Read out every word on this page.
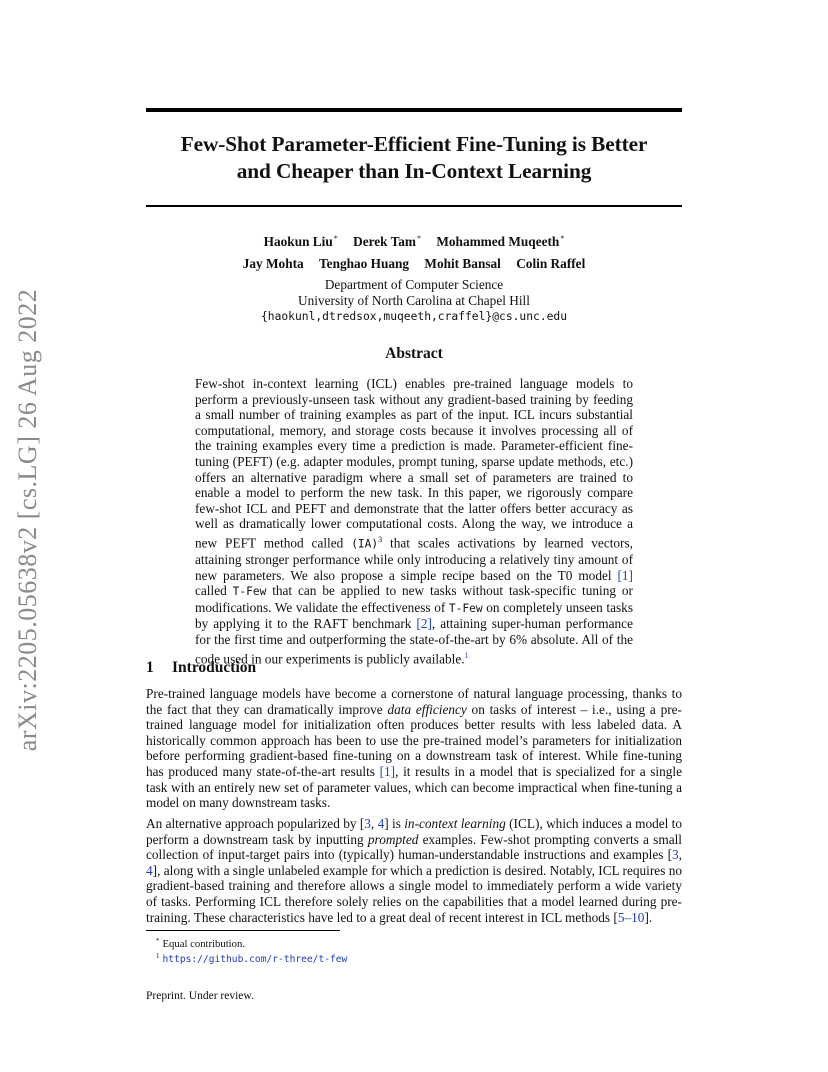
arXiv:2205.05638v2 [cs.LG] 26 Aug 2022
Few-Shot Parameter-Efficient Fine-Tuning is Better
and Cheaper than In-Context Learning
Haokun Liu* Derek Tam* Mohammed Muqeeth*
Jay Mohta Tenghao Huang Mohit Bansal Colin Raffel
Department of Computer Science
University of North Carolina at Chapel Hill
{haokunl,dtredsox,muqeeth,craffel}@cs.unc.edu
Abstract
Few-shot in-context learning (ICL) enables pre-trained language models to perform a previously-unseen task without any gradient-based training by feeding a small number of training examples as part of the input. ICL incurs substantial computational, memory, and storage costs because it involves processing all of the training examples every time a prediction is made. Parameter-efficient fine-tuning (PEFT) (e.g. adapter modules, prompt tuning, sparse update methods, etc.) offers an alternative paradigm where a small set of parameters are trained to enable a model to perform the new task. In this paper, we rigorously compare few-shot ICL and PEFT and demonstrate that the latter offers better accuracy as well as dramatically lower computational costs. Along the way, we introduce a new PEFT method called (IA)$^3$ that scales activations by learned vectors, attaining stronger performance while only introducing a relatively tiny amount of new parameters. We also propose a simple recipe based on the T0 model [1] called T-Few that can be applied to new tasks without task-specific tuning or modifications. We validate the effectiveness of T-Few on completely unseen tasks by applying it to the RAFT benchmark [2], attaining super-human performance for the first time and outperforming the state-of-the-art by 6% absolute. All of the code used in our experiments is publicly available.$^1$
1 Introduction
Pre-trained language models have become a cornerstone of natural language processing, thanks to the fact that they can dramatically improve data efficiency on tasks of interest – i.e., using a pre-trained language model for initialization often produces better results with less labeled data. A historically common approach has been to use the pre-trained model’s parameters for initialization before performing gradient-based fine-tuning on a downstream task of interest. While fine-tuning has produced many state-of-the-art results [1], it results in a model that is specialized for a single task with an entirely new set of parameter values, which can become impractical when fine-tuning a model on many downstream tasks.
An alternative approach popularized by [3, 4] is in-context learning (ICL), which induces a model to perform a downstream task by inputting prompted examples. Few-shot prompting converts a small collection of input-target pairs into (typically) human-understandable instructions and examples [3, 4], along with a single unlabeled example for which a prediction is desired. Notably, ICL requires no gradient-based training and therefore allows a single model to immediately perform a wide variety of tasks. Performing ICL therefore solely relies on the capabilities that a model learned during pre-training. These characteristics have led to a great deal of recent interest in ICL methods [5–10].
* Equal contribution.
$^1$ https://github.com/r-three/t-few
Preprint. Under review.
